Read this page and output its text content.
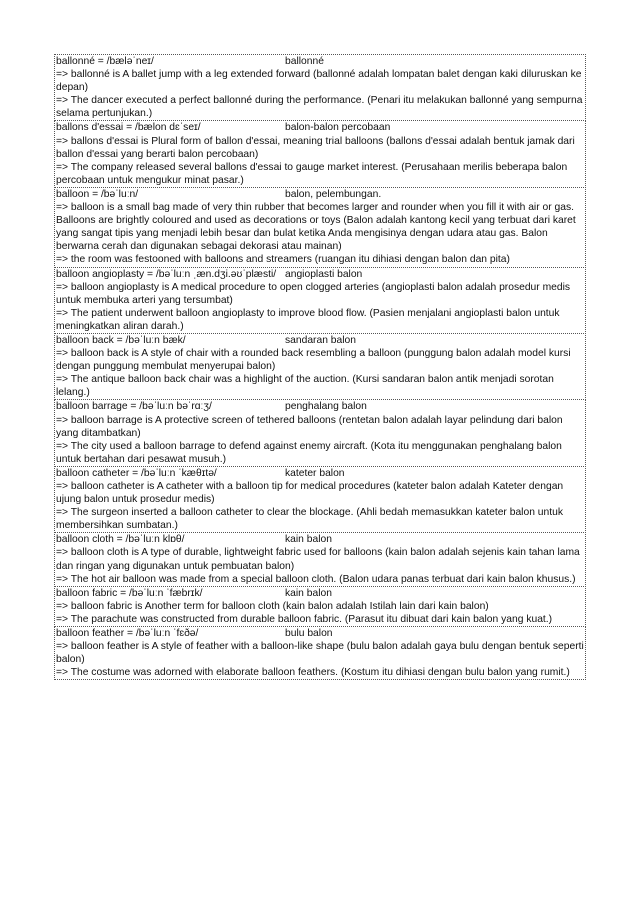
ballonné = /bæləˈneɪ/	ballonné
=> ballonné is A ballet jump with a leg extended forward (ballonné adalah lompatan balet dengan kaki diluruskan ke depan)
=> The dancer executed a perfect ballonné during the performance. (Penari itu melakukan ballonné yang sempurna selama pertunjukan.)
ballons d'essai = /bælon dɛˈseɪ/	balon-balon percobaan
=> ballons d'essai is Plural form of ballon d'essai, meaning trial balloons (ballons d'essai adalah bentuk jamak dari ballon d'essai yang berarti balon percobaan)
=> The company released several ballons d'essai to gauge market interest. (Perusahaan merilis beberapa balon percobaan untuk mengukur minat pasar.)
balloon = /bəˈluːn/	balon, pelembungan.
=> balloon is a small bag made of very thin rubber that becomes larger and rounder when you fill it with air or gas. Balloons are brightly coloured and used as decorations or toys (Balon adalah kantong kecil yang terbuat dari karet yang sangat tipis yang menjadi lebih besar dan bulat ketika Anda mengisinya dengan udara atau gas. Balon berwarna cerah dan digunakan sebagai dekorasi atau mainan)
=> the room was festooned with balloons and streamers (ruangan itu dihiasi dengan balon dan pita)
balloon angioplasty = /bəˈluːn ˌæn.dʒi.əʊˈplæsti/ angioplasti balon
=> balloon angioplasty is A medical procedure to open clogged arteries (angioplasti balon adalah prosedur medis untuk membuka arteri yang tersumbat)
=> The patient underwent balloon angioplasty to improve blood flow. (Pasien menjalani angioplasti balon untuk meningkatkan aliran darah.)
balloon back = /bəˈluːn bæk/	sandaran balon
=> balloon back is A style of chair with a rounded back resembling a balloon (punggung balon adalah model kursi dengan punggung membulat menyerupai balon)
=> The antique balloon back chair was a highlight of the auction. (Kursi sandaran balon antik menjadi sorotan lelang.)
balloon barrage = /bəˈluːn bəˈrɑːʒ/	penghalang balon
=> balloon barrage is A protective screen of tethered balloons (rentetan balon adalah layar pelindung dari balon yang ditambatkan)
=> The city used a balloon barrage to defend against enemy aircraft. (Kota itu menggunakan penghalang balon untuk bertahan dari pesawat musuh.)
balloon catheter = /bəˈluːn ˈkæθɪtə/	kateter balon
=> balloon catheter is A catheter with a balloon tip for medical procedures (kateter balon adalah Kateter dengan ujung balon untuk prosedur medis)
=> The surgeon inserted a balloon catheter to clear the blockage. (Ahli bedah memasukkan kateter balon untuk membersihkan sumbatan.)
balloon cloth = /bəˈluːn klɒθ/	kain balon
=> balloon cloth is A type of durable, lightweight fabric used for balloons (kain balon adalah sejenis kain tahan lama dan ringan yang digunakan untuk pembuatan balon)
=> The hot air balloon was made from a special balloon cloth. (Balon udara panas terbuat dari kain balon khusus.)
balloon fabric = /bəˈluːn ˈfæbrɪk/	kain balon
=> balloon fabric is Another term for balloon cloth (kain balon adalah Istilah lain dari kain balon)
=> The parachute was constructed from durable balloon fabric. (Parasut itu dibuat dari kain balon yang kuat.)
balloon feather = /bəˈluːn ˈfɛðə/	bulu balon
=> balloon feather is A style of feather with a balloon-like shape (bulu balon adalah gaya bulu dengan bentuk seperti balon)
=> The costume was adorned with elaborate balloon feathers. (Kostum itu dihiasi dengan bulu balon yang rumit.)
